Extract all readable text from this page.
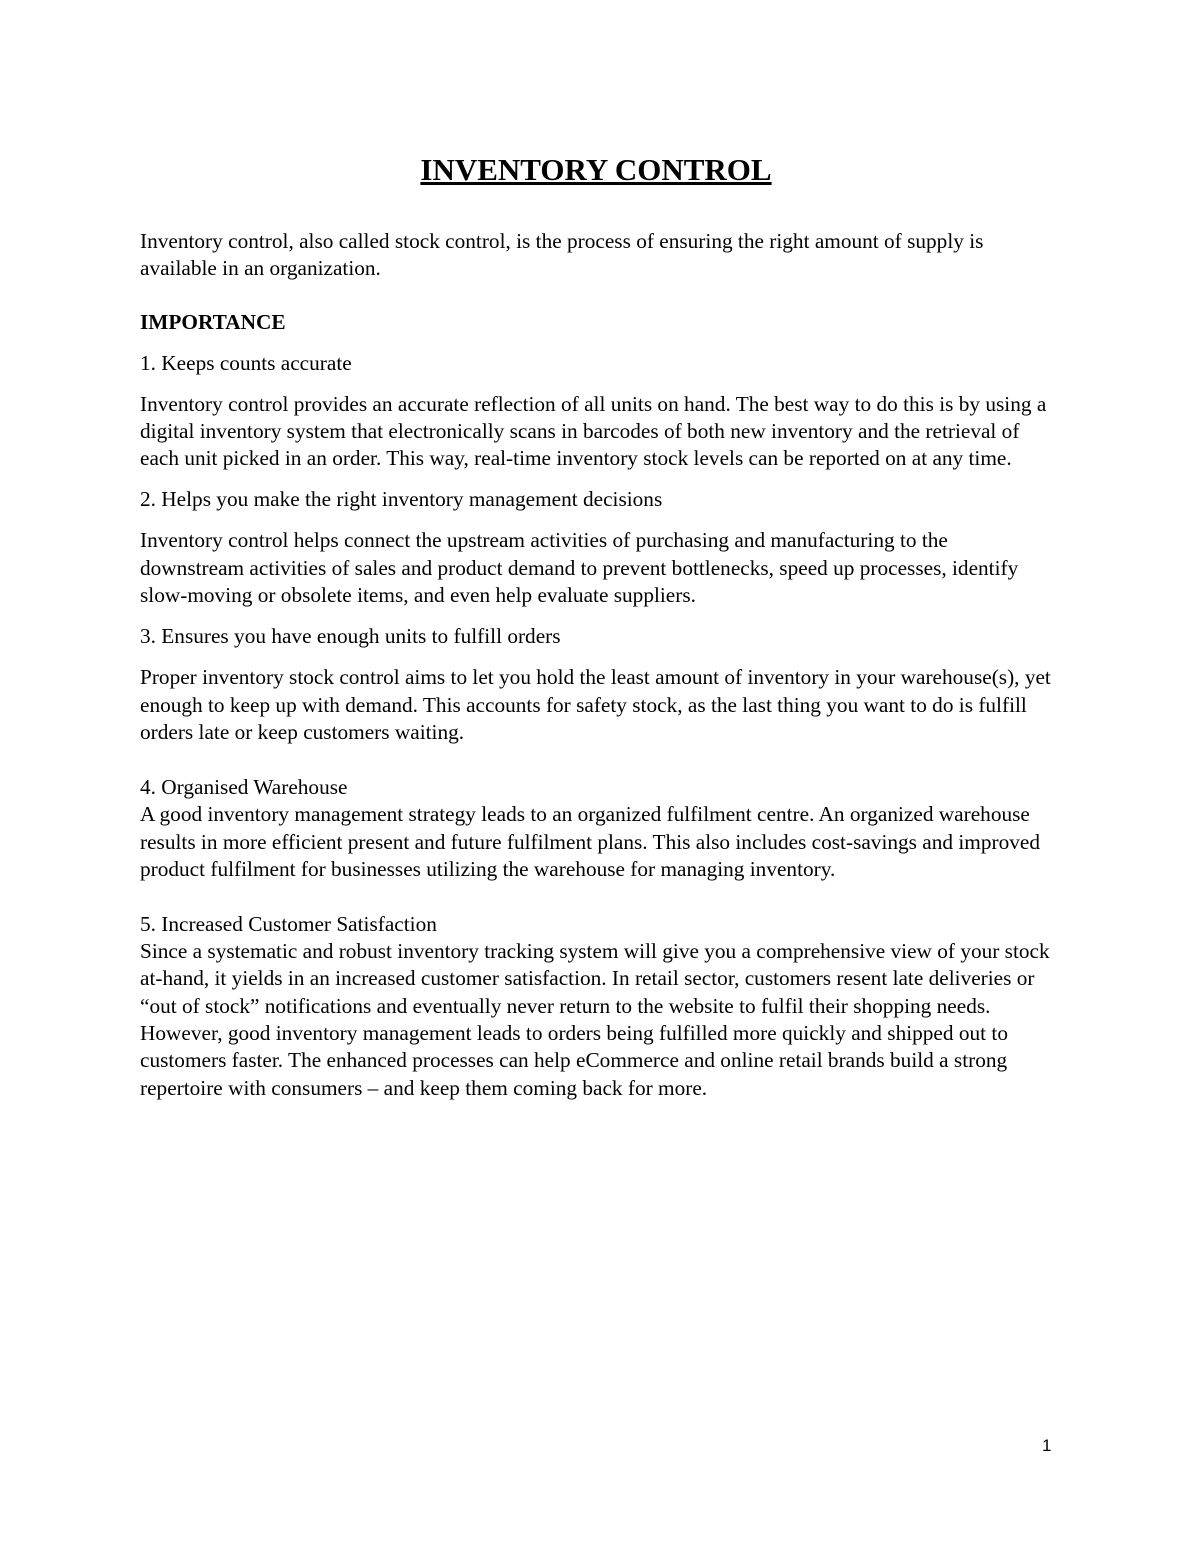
INVENTORY CONTROL

Inventory control, also called stock control, is the process of ensuring the right amount of supply is available in an organization.

IMPORTANCE

1. Keeps counts accurate

Inventory control provides an accurate reflection of all units on hand. The best way to do this is by using a digital inventory system that electronically scans in barcodes of both new inventory and the retrieval of each unit picked in an order. This way, real-time inventory stock levels can be reported on at any time.

2. Helps you make the right inventory management decisions

Inventory control helps connect the upstream activities of purchasing and manufacturing to the downstream activities of sales and product demand to prevent bottlenecks, speed up processes, identify slow-moving or obsolete items, and even help evaluate suppliers.

3. Ensures you have enough units to fulfill orders

Proper inventory stock control aims to let you hold the least amount of inventory in your warehouse(s), yet enough to keep up with demand. This accounts for safety stock, as the last thing you want to do is fulfill orders late or keep customers waiting.

4. Organised Warehouse

A good inventory management strategy leads to an organized fulfilment centre. An organized warehouse results in more efficient present and future fulfilment plans. This also includes cost-savings and improved product fulfilment for businesses utilizing the warehouse for managing inventory.

5. Increased Customer Satisfaction

Since a systematic and robust inventory tracking system will give you a comprehensive view of your stock at-hand, it yields in an increased customer satisfaction. In retail sector, customers resent late deliveries or “out of stock” notifications and eventually never return to the website to fulfil their shopping needs. However, good inventory management leads to orders being fulfilled more quickly and shipped out to customers faster. The enhanced processes can help eCommerce and online retail brands build a strong repertoire with consumers – and keep them coming back for more.

1
